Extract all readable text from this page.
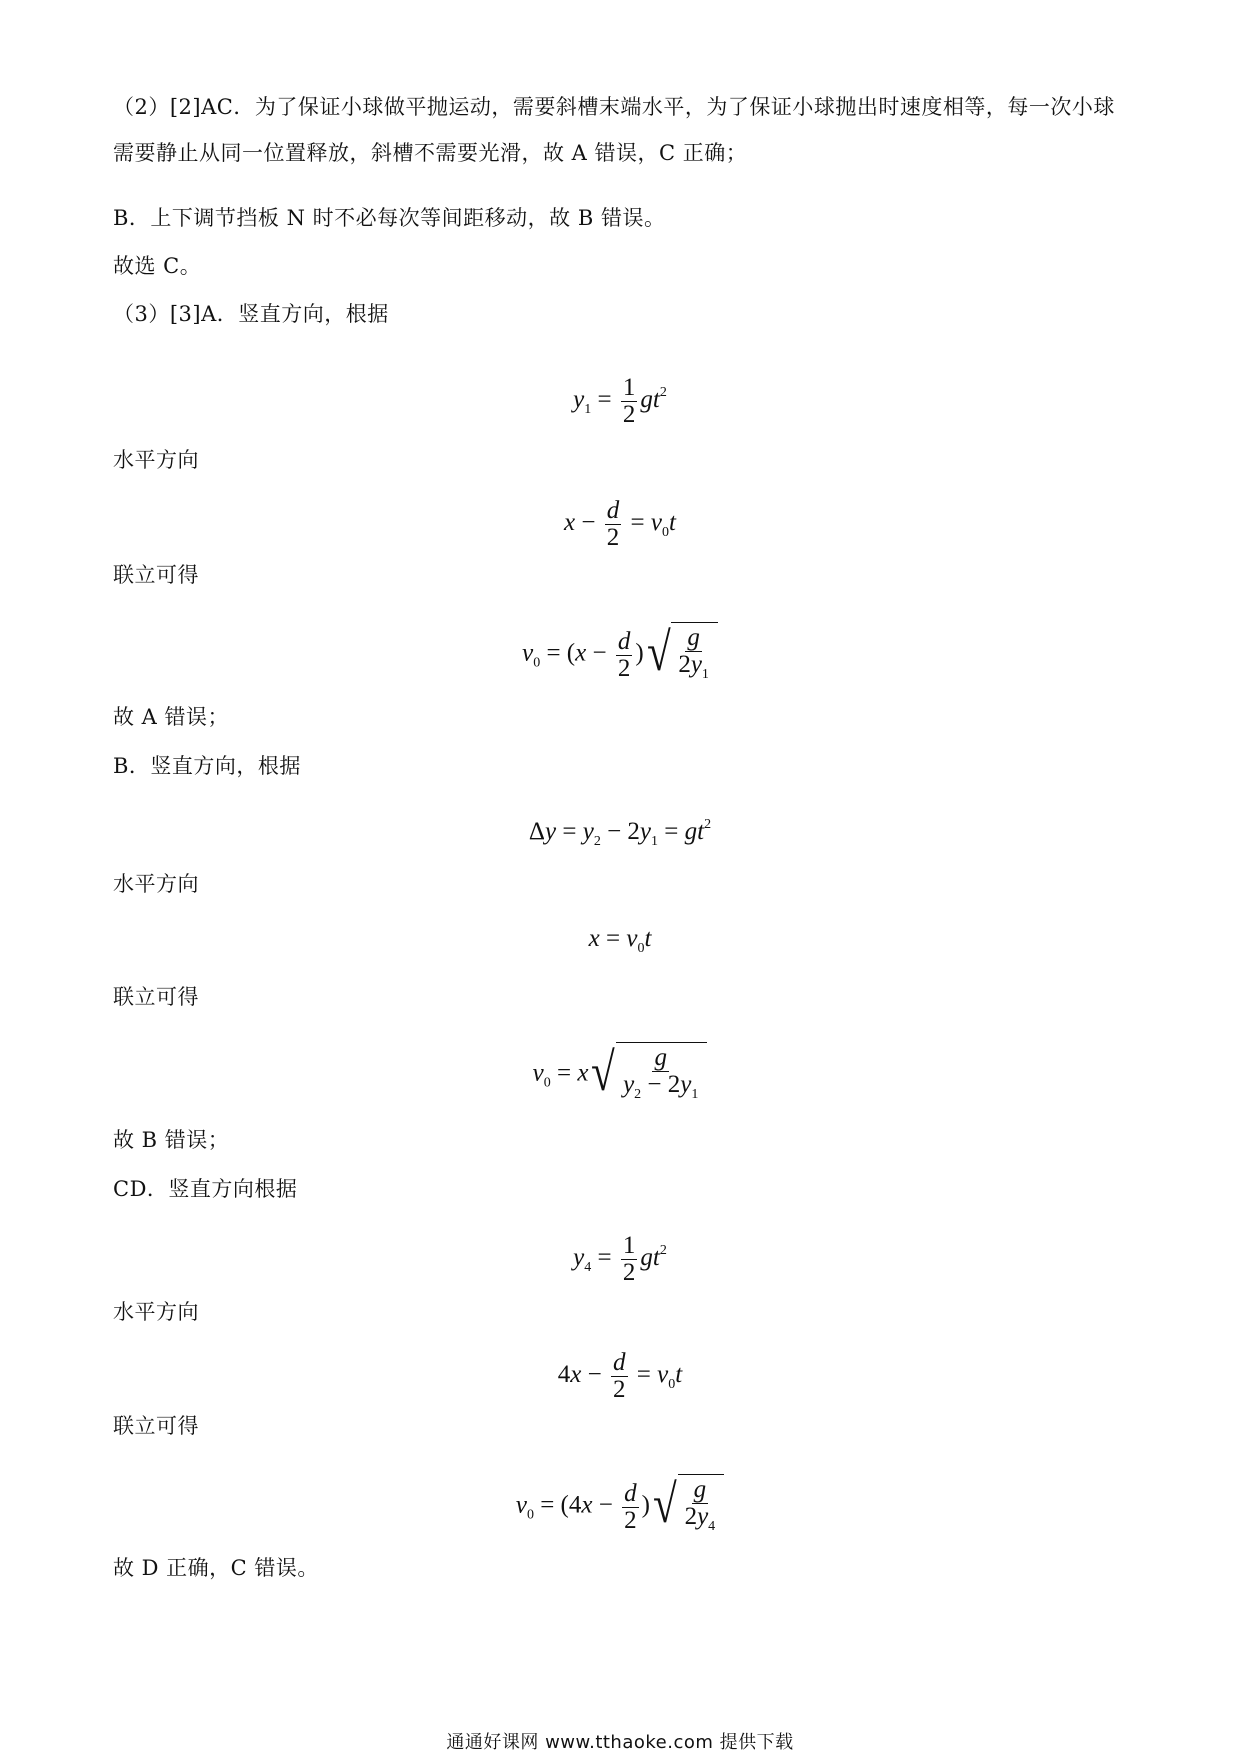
（2）[2]AC．为了保证小球做平抛运动，需要斜槽末端水平，为了保证小球抛出时速度相等，每一次小球
需要静止从同一位置释放，斜槽不需要光滑，故 A 错误，C 正确；
B．上下调节挡板 N 时不必每次等间距移动，故 B 错误。
故选 C。
（3）[3]A．竖直方向，根据
$y_1 = \frac{1}{2} gt^2$
水平方向
$x - \frac{d}{2} = v_0t$
联立可得
$v_0 = (x - \frac{d}{2}$ ) √ $\frac{g}{2y_1}$
故 A 错误；
B．竖直方向，根据
$\Delta y = y_2 - 2y_1 = gt^2$
水平方向
$x = v_0t$
联立可得
$v_0 = x$ √ $\frac{g}{y_2 - 2y_1}$
故 B 错误；
CD．竖直方向根据
$y_4 = \frac{1}{2} gt^2$
水平方向
$4x - \frac{d}{2} = v_0t$
联立可得
$v_0 = (4x - \frac{d}{2}$ ) √ $\frac{g}{2y_4}$
故 D 正确，C 错误。
通通好课网 www.tthaoke.com 提供下载
